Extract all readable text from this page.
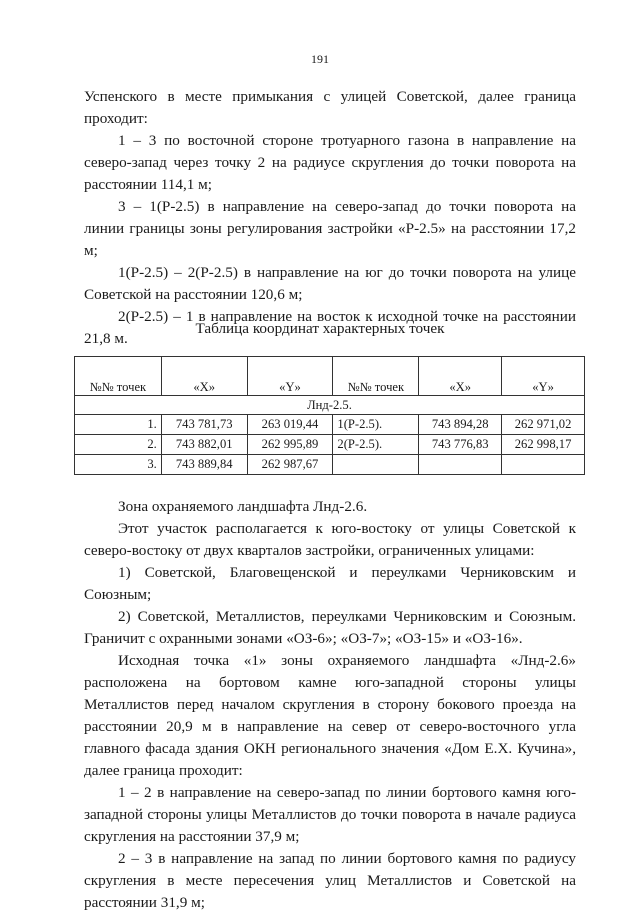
191

Успенского в месте примыкания с улицей Советской, далее граница проходит:

1 – 3 по восточной стороне тротуарного газона в направление на северо-запад через точку 2 на радиусе скругления до точки поворота на расстоянии 114,1 м;

3 – 1(Р-2.5) в направление на северо-запад до точки поворота на линии границы зоны регулирования застройки «Р-2.5» на расстоянии 17,2 м;

1(Р-2.5) – 2(Р-2.5) в направление на юг до точки поворота на улице Советской на расстоянии 120,6 м;

2(Р-2.5) – 1 в направление на восток к исходной точке на расстоянии 21,8 м.

Таблица координат характерных точек
№№ точек	«X»	«Y»	№№ точек	«X»	«Y»
Лнд-2.5.					
1.	743 781,73	263 019,44	1(Р-2.5).	743 894,28	262 971,02
2.	743 882,01	262 995,89	2(Р-2.5).	743 776,83	262 998,17
3.	743 889,84	262 987,67			

Зона охраняемого ландшафта Лнд-2.6.

Этот участок располагается к юго-востоку от улицы Советской к северо-востоку от двух кварталов застройки, ограниченных улицами:

1) Советской, Благовещенской и переулками Черниковским и Союзным;

2) Советской, Металлистов, переулками Черниковским и Союзным. Граничит с охранными зонами «ОЗ-6»; «ОЗ-7»; «ОЗ-15» и «ОЗ-16».

Исходная точка «1» зоны охраняемого ландшафта «Лнд-2.6» расположена на бортовом камне юго-западной стороны улицы Металлистов перед началом скругления в сторону бокового проезда на расстоянии 20,9 м в направление на север от северо-восточного угла главного фасада здания ОКН регионального значения «Дом Е.Х. Кучина», далее граница проходит:

1 – 2 в направление на северо-запад по линии бортового камня юго-западной стороны улицы Металлистов до точки поворота в начале радиуса скругления на расстоянии 37,9 м;

2 – 3 в направление на запад по линии бортового камня по радиусу скругления в месте пересечения улиц Металлистов и Советской на расстоянии 31,9 м;
